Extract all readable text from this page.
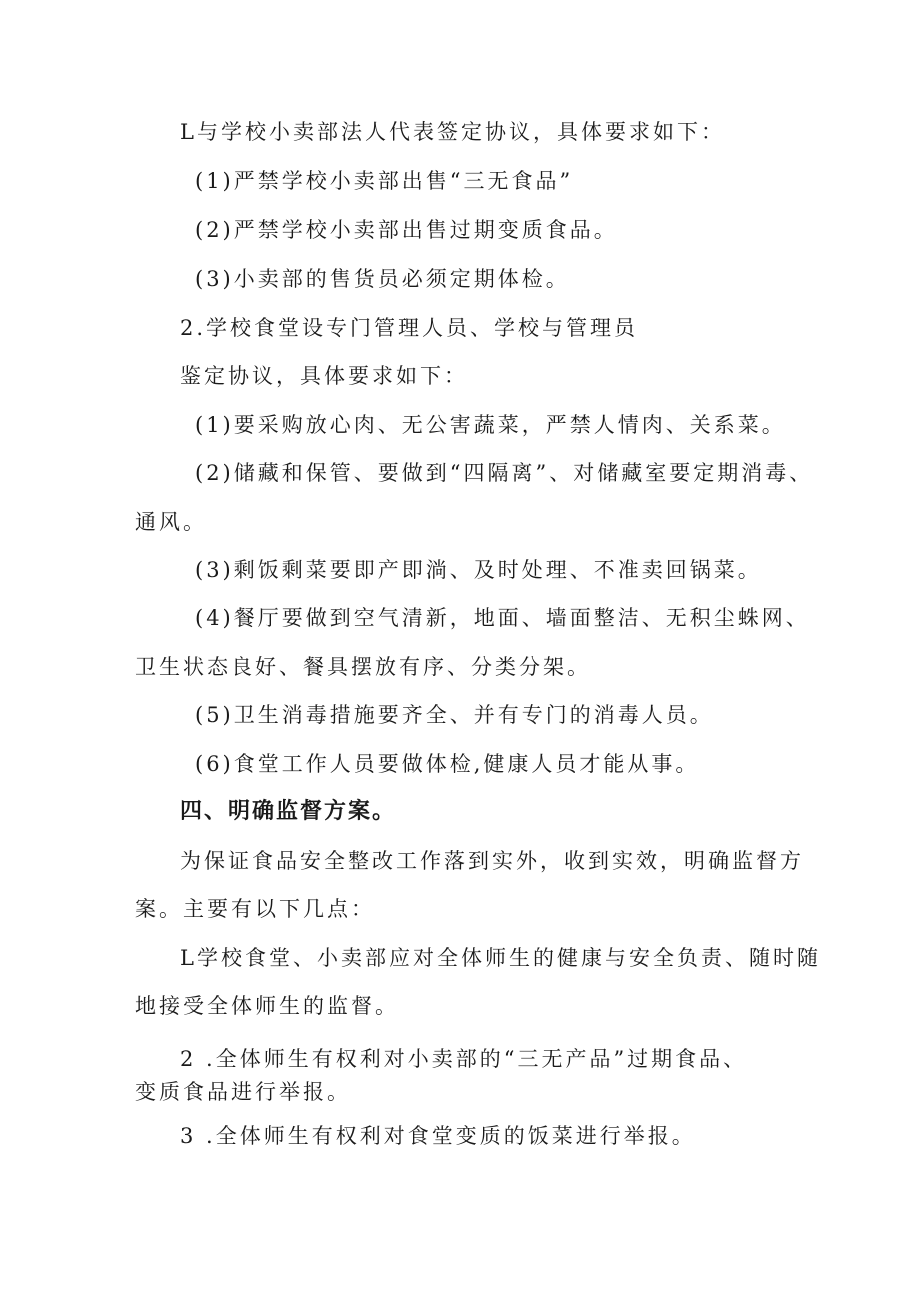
L与学校小卖部法人代表签定协议，具体要求如下：
(1)严禁学校小卖部出售“三无食品”
(2)严禁学校小卖部出售过期变质食品。
(3)小卖部的售货员必须定期体检。
2.学校食堂设专门管理人员、学校与管理员
鉴定协议，具体要求如下：
(1)要采购放心肉、无公害蔬菜，严禁人情肉、关系菜。
(2)储藏和保管、要做到“四隔离”、对储藏室要定期消毒、
通风。
(3)剩饭剩菜要即产即淌、及时处理、不准卖回锅菜。
(4)餐厅要做到空气清新，地面、墙面整洁、无积尘蛛网、
卫生状态良好、餐具摆放有序、分类分架。
(5)卫生消毒措施要齐全、并有专门的消毒人员。
(6)食堂工作人员要做体检,健康人员才能从事。
四、明确监督方案。
为保证食品安全整改工作落到实外，收到实效，明确监督方
案。主要有以下几点：
L学校食堂、小卖部应对全体师生的健康与安全负责、随时随
地接受全体师生的监督。
2 .全体师生有权利对小卖部的“三无产品”过期食品、
变质食品进行举报。
3 .全体师生有权利对食堂变质的饭菜进行举报。
